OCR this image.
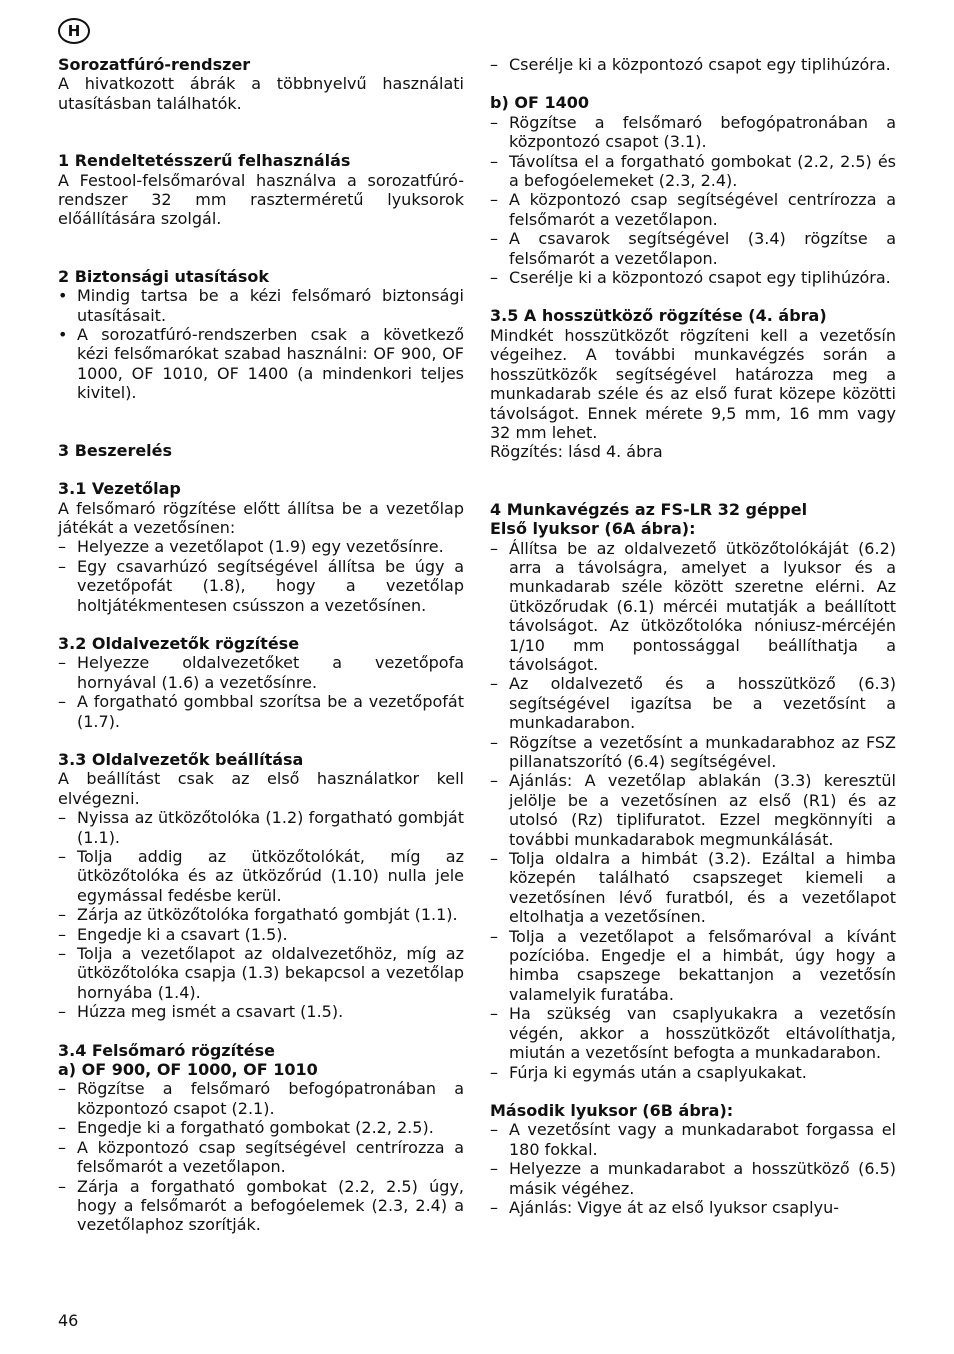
H
Sorozatfúró-rendszer
A hivatkozott ábrák a többnyelvű használati utasításban találhatók.
1 Rendeltetésszerű felhasználás
A Festool-felsőmaróval használva a sorozatfúró-rendszer 32 mm raszterméretű lyuksorok előállítására szolgál.
2 Biztonsági utasítások
• Mindig tartsa be a kézi felsőmaró biztonsági utasításait.
• A sorozatfúró-rendszerben csak a következő kézi felsőmarókat szabad használni: OF 900, OF 1000, OF 1010, OF 1400 (a mindenkori teljes kivitel).
3 Beszerelés
3.1 Vezetőlap
A felsőmaró rögzítése előtt állítsa be a vezetőlap játékát a vezetősínen:
– Helyezze a vezetőlapot (1.9) egy vezetősínre.
– Egy csavarhúzó segítségével állítsa be úgy a vezetőpofát (1.8), hogy a vezetőlap holtjátékmentesen csússzon a vezetősínen.
3.2 Oldalvezetők rögzítése
– Helyezze oldalvezetőket a vezetőpofa hornyával (1.6) a vezetősínre.
– A forgatható gombbal szorítsa be a vezetőpofát (1.7).
3.3 Oldalvezetők beállítása
A beállítást csak az első használatkor kell elvégezni.
– Nyissa az ütközőtolóka (1.2) forgatható gombját (1.1).
– Tolja addig az ütközőtolókát, míg az ütközőtolóka és az ütközőrúd (1.10) nulla jele egymással fedésbe kerül.
– Zárja az ütközőtolóka forgatható gombját (1.1).
– Engedje ki a csavart (1.5).
– Tolja a vezetőlapot az oldalvezetőhöz, míg az ütközőtolóka csapja (1.3) bekapcsol a vezetőlap hornyába (1.4).
– Húzza meg ismét a csavart (1.5).
3.4 Felsőmaró rögzítése
a) OF 900, OF 1000, OF 1010
– Rögzítse a felsőmaró befogópatronában a központozó csapot (2.1).
– Engedje ki a forgatható gombokat (2.2, 2.5).
– A központozó csap segítségével centrírozza a felsőmarót a vezetőlapon.
– Zárja a forgatható gombokat (2.2, 2.5) úgy, hogy a felsőmarót a befogóelemek (2.3, 2.4) a vezetőlaphoz szorítják.
– Cserélje ki a központozó csapot egy tiplihúzóra.
b) OF 1400
– Rögzítse a felsőmaró befogópatronában a központozó csapot (3.1).
– Távolítsa el a forgatható gombokat (2.2, 2.5) és a befogóelemeket (2.3, 2.4).
– A központozó csap segítségével centrírozza a felsőmarót a vezetőlapon.
– A csavarok segítségével (3.4) rögzítse a felsőmarót a vezetőlapon.
– Cserélje ki a központozó csapot egy tiplihúzóra.
3.5 A hosszütköző rögzítése (4. ábra)
Mindkét hosszütközőt rögzíteni kell a vezetősín végeihez. A további munkavégzés során a hosszütközők segítségével határozza meg a munkadarab széle és az első furat közepe közötti távolságot. Ennek mérete 9,5 mm, 16 mm vagy 32 mm lehet.
Rögzítés: lásd 4. ábra
4 Munkavégzés az FS-LR 32 géppel
Első lyuksor (6A ábra):
– Állítsa be az oldalvezető ütközőtolókáját (6.2) arra a távolságra, amelyet a lyuksor és a munkadarab széle között szeretne elérni. Az ütközőrudak (6.1) mércéi mutatják a beállított távolságot. Az ütközőtolóka nóniusz-mércéjén 1/10 mm pontossággal beállíthatja a távolságot.
– Az oldalvezető és a hosszütköző (6.3) segítségével igazítsa be a vezetősínt a munkadarabon.
– Rögzítse a vezetősínt a munkadarabhoz az FSZ pillanatszorító (6.4) segítségével.
– Ajánlás: A vezetőlap ablakán (3.3) keresztül jelölje be a vezetősínen az első (R1) és az utolsó (Rz) tiplifuratot. Ezzel megkönnyíti a további munkadarabok megmunkálását.
– Tolja oldalra a himbát (3.2). Ezáltal a himba közepén található csapszeget kiemeli a vezetősínen lévő furatból, és a vezetőlapot eltolhatja a vezetősínen.
– Tolja a vezetőlapot a felsőmaróval a kívánt pozícióba. Engedje el a himbát, úgy hogy a himba csapszege bekattanjon a vezetősín valamelyik furatába.
– Ha szükség van csaplyukakra a vezetősín végén, akkor a hosszütközőt eltávolíthatja, miután a vezetősínt befogta a munkadarabon.
– Fúrja ki egymás után a csaplyukakat.
Második lyuksor (6B ábra):
– A vezetősínt vagy a munkadarabot forgassa el 180 fokkal.
– Helyezze a munkadarabot a hosszütköző (6.5) másik végéhez.
– Ajánlás: Vigye át az első lyuksor csaplyu-
46
